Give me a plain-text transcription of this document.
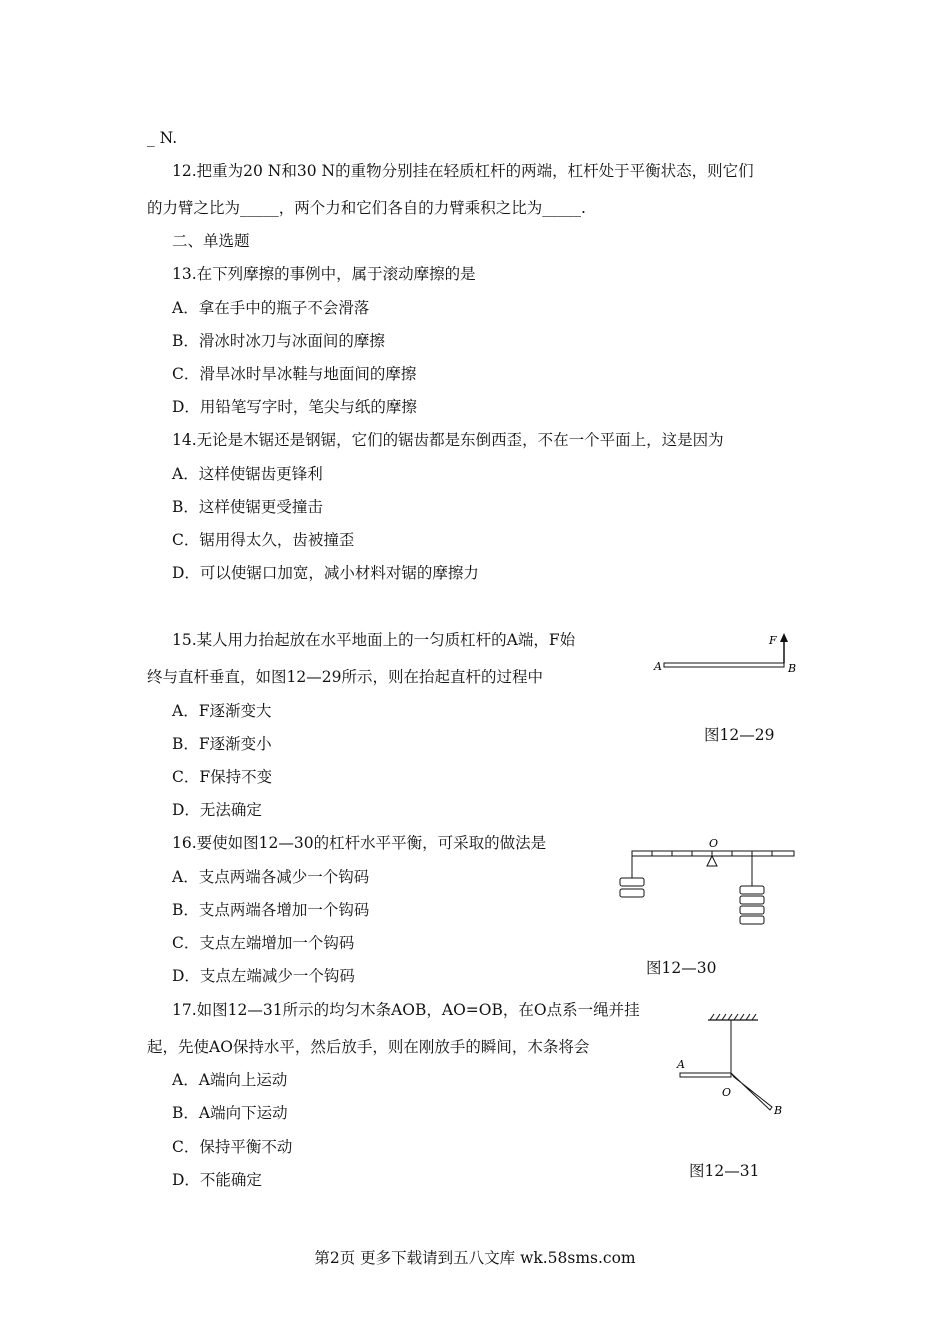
_ N.
12.把重为20 N和30 N的重物分别挂在轻质杠杆的两端，杠杆处于平衡状态，则它们
的力臂之比为_____，两个力和它们各自的力臂乘积之比为_____.
二、单选题
13.在下列摩擦的事例中，属于滚动摩擦的是
A．拿在手中的瓶子不会滑落
B．滑冰时冰刀与冰面间的摩擦
C．滑旱冰时旱冰鞋与地面间的摩擦
D．用铅笔写字时，笔尖与纸的摩擦
14.无论是木锯还是钢锯，它们的锯齿都是东倒西歪，不在一个平面上，这是因为
A．这样使锯齿更锋利
B．这样使锯更受撞击
C．锯用得太久，齿被撞歪
D．可以使锯口加宽，减小材料对锯的摩擦力
15.某人用力抬起放在水平地面上的一匀质杠杆的A端，F始
终与直杆垂直，如图12—29所示，则在抬起直杆的过程中
A．F逐渐变大
B．F逐渐变小
C．F保持不变
D．无法确定
16.要使如图12—30的杠杆水平平衡，可采取的做法是
A．支点两端各减少一个钩码
B．支点两端各增加一个钩码
C．支点左端增加一个钩码
D．支点左端减少一个钩码
17.如图12—31所示的均匀木条AOB，AO=OB，在O点系一绳并挂
起，先使AO保持水平，然后放手，则在刚放手的瞬间，木条将会
A．A端向上运动
B．A端向下运动
C．保持平衡不动
D．不能确定
A	B
F
图12—29
O
图12—30
A
O
B
图12—31
第2页 更多下载请到五八文库 wk.58sms.com
